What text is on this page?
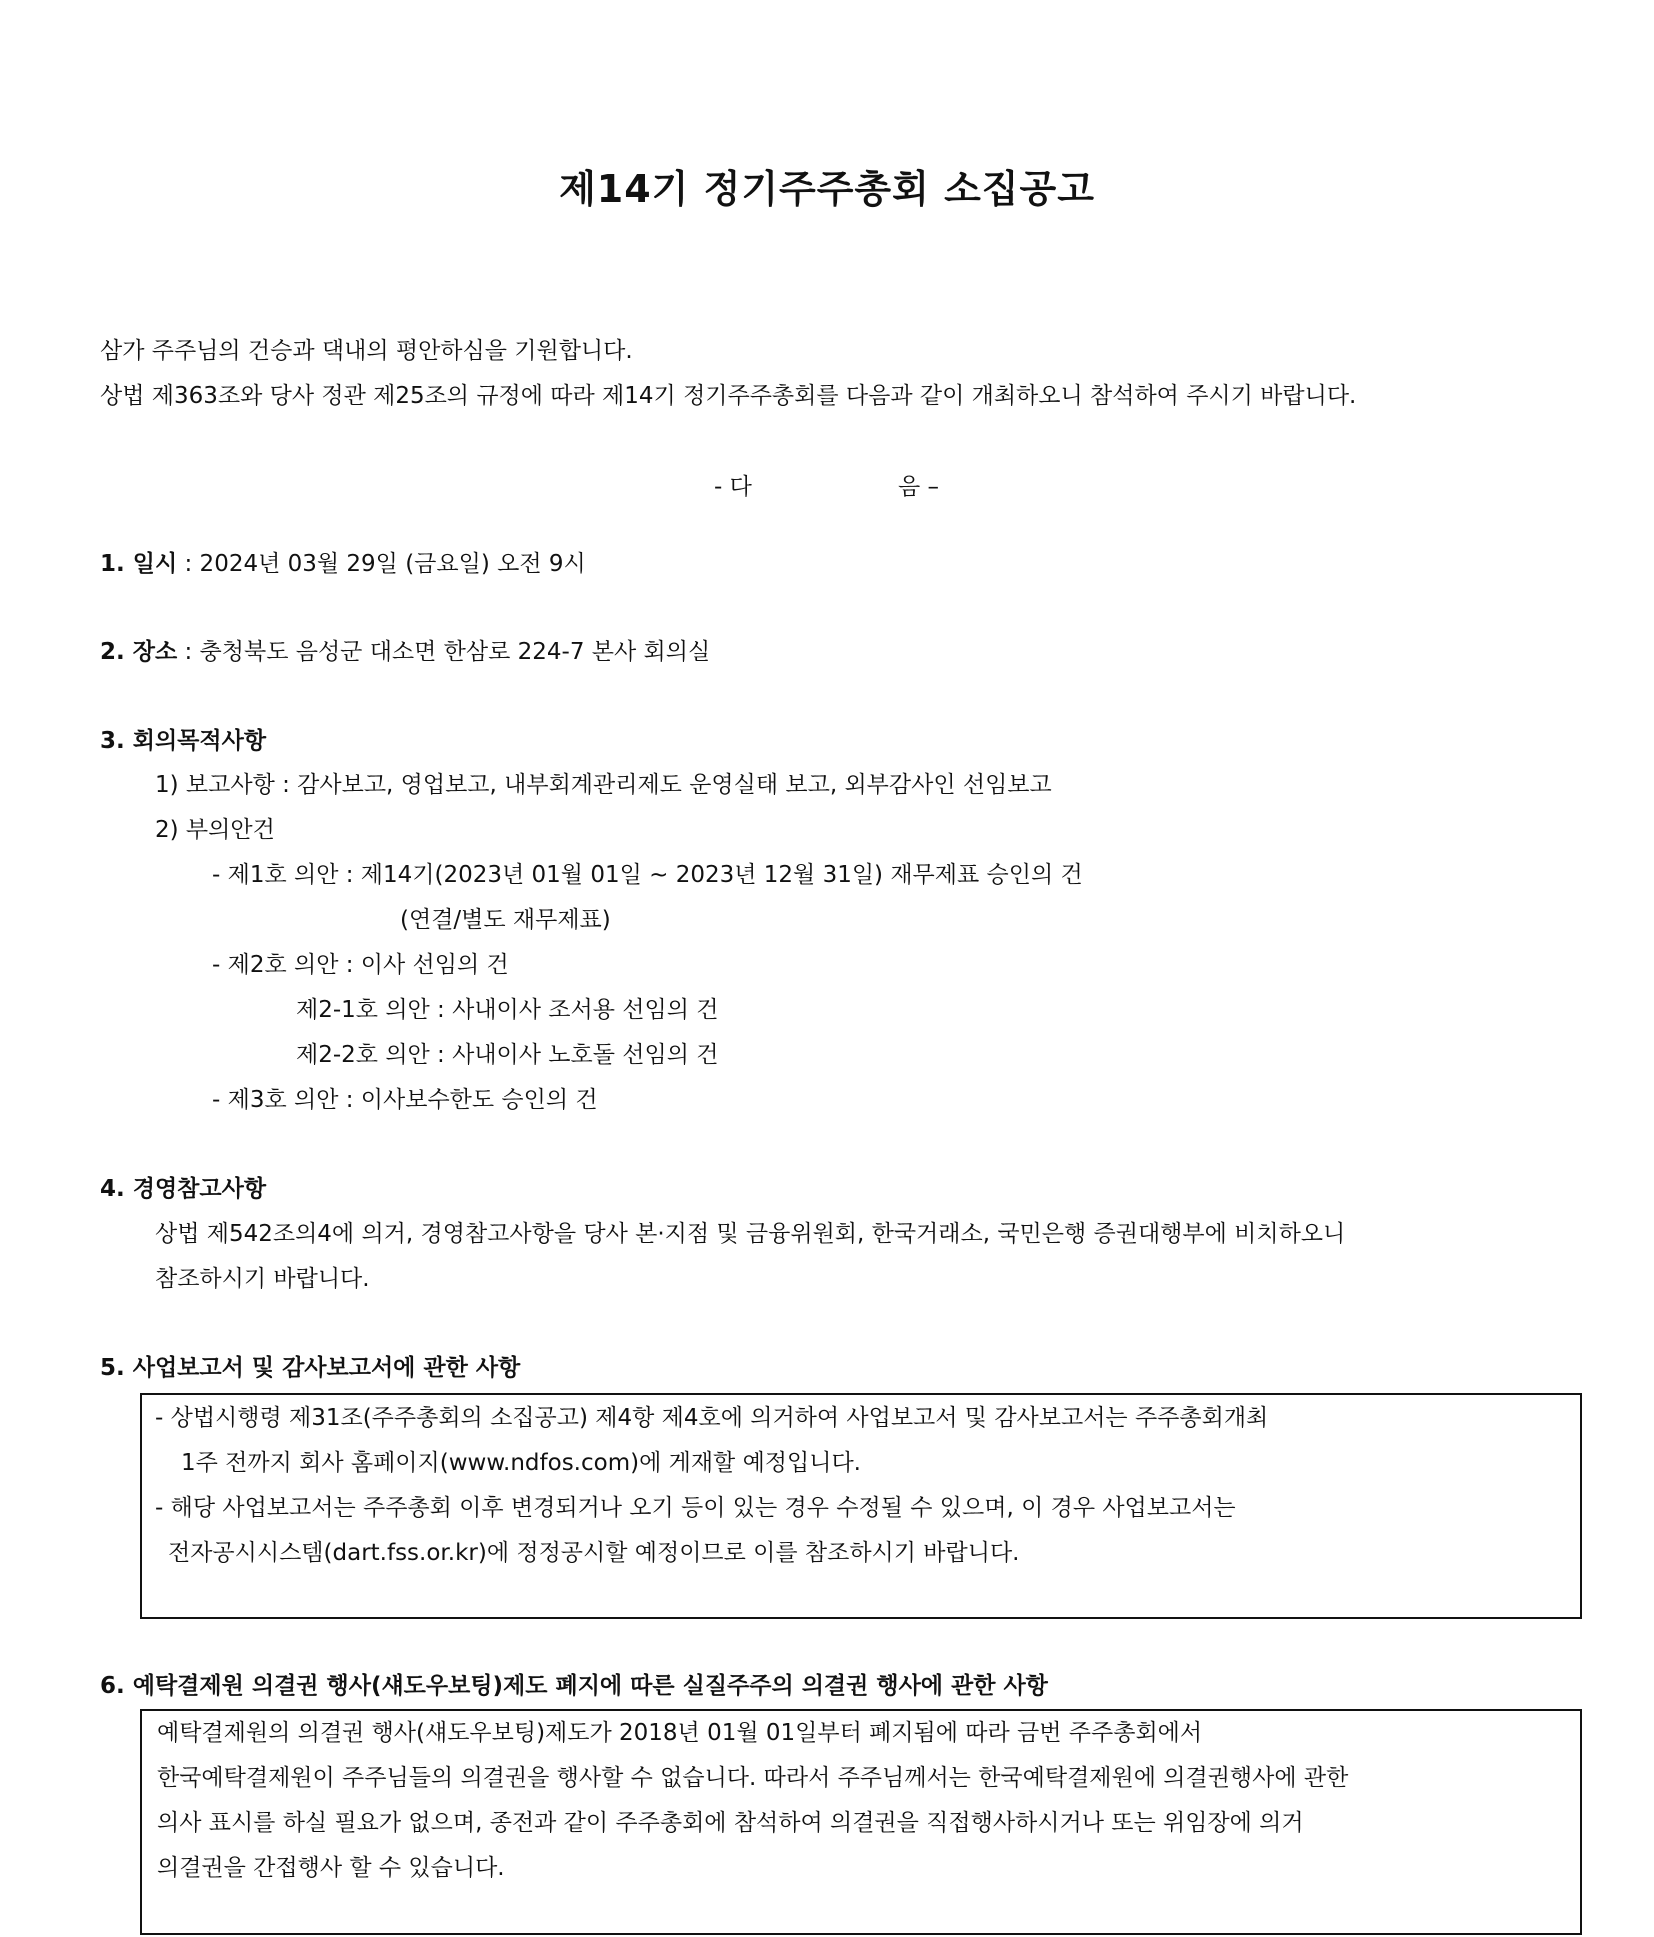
제14기 정기주주총회 소집공고
삼가 주주님의 건승과 댁내의 평안하심을 기원합니다.
상법 제363조와 당사 정관 제25조의 규정에 따라 제14기 정기주주총회를 다음과 같이 개최하오니 참석하여 주시기 바랍니다.
- 다	음 –
1. 일시 : 2024년 03월 29일 (금요일) 오전 9시
2. 장소 : 충청북도 음성군 대소면 한삼로 224-7 본사 회의실
3. 회의목적사항
1) 보고사항 : 감사보고, 영업보고, 내부회계관리제도 운영실태 보고, 외부감사인 선임보고
2) 부의안건
- 제1호 의안 : 제14기(2023년 01월 01일 ~ 2023년 12월 31일) 재무제표 승인의 건
(연결/별도 재무제표)
- 제2호 의안 : 이사 선임의 건
제2-1호 의안 : 사내이사 조서용 선임의 건
제2-2호 의안 : 사내이사 노호돌 선임의 건
- 제3호 의안 : 이사보수한도 승인의 건
4. 경영참고사항
상법 제542조의4에 의거, 경영참고사항을 당사 본·지점 및 금융위원회, 한국거래소, 국민은행 증권대행부에 비치하오니
참조하시기 바랍니다.
5. 사업보고서 및 감사보고서에 관한 사항
- 상법시행령 제31조(주주총회의 소집공고) 제4항 제4호에 의거하여 사업보고서 및 감사보고서는 주주총회개최
1주 전까지 회사 홈페이지(www.ndfos.com)에 게재할 예정입니다.
- 해당 사업보고서는 주주총회 이후 변경되거나 오기 등이 있는 경우 수정될 수 있으며, 이 경우 사업보고서는
전자공시시스템(dart.fss.or.kr)에 정정공시할 예정이므로 이를 참조하시기 바랍니다.
6. 예탁결제원 의결권 행사(섀도우보팅)제도 폐지에 따른 실질주주의 의결권 행사에 관한 사항
예탁결제원의 의결권 행사(섀도우보팅)제도가 2018년 01월 01일부터 폐지됨에 따라 금번 주주총회에서
한국예탁결제원이 주주님들의 의결권을 행사할 수 없습니다. 따라서 주주님께서는 한국예탁결제원에 의결권행사에 관한
의사 표시를 하실 필요가 없으며, 종전과 같이 주주총회에 참석하여 의결권을 직접행사하시거나 또는 위임장에 의거
의결권을 간접행사 할 수 있습니다.
